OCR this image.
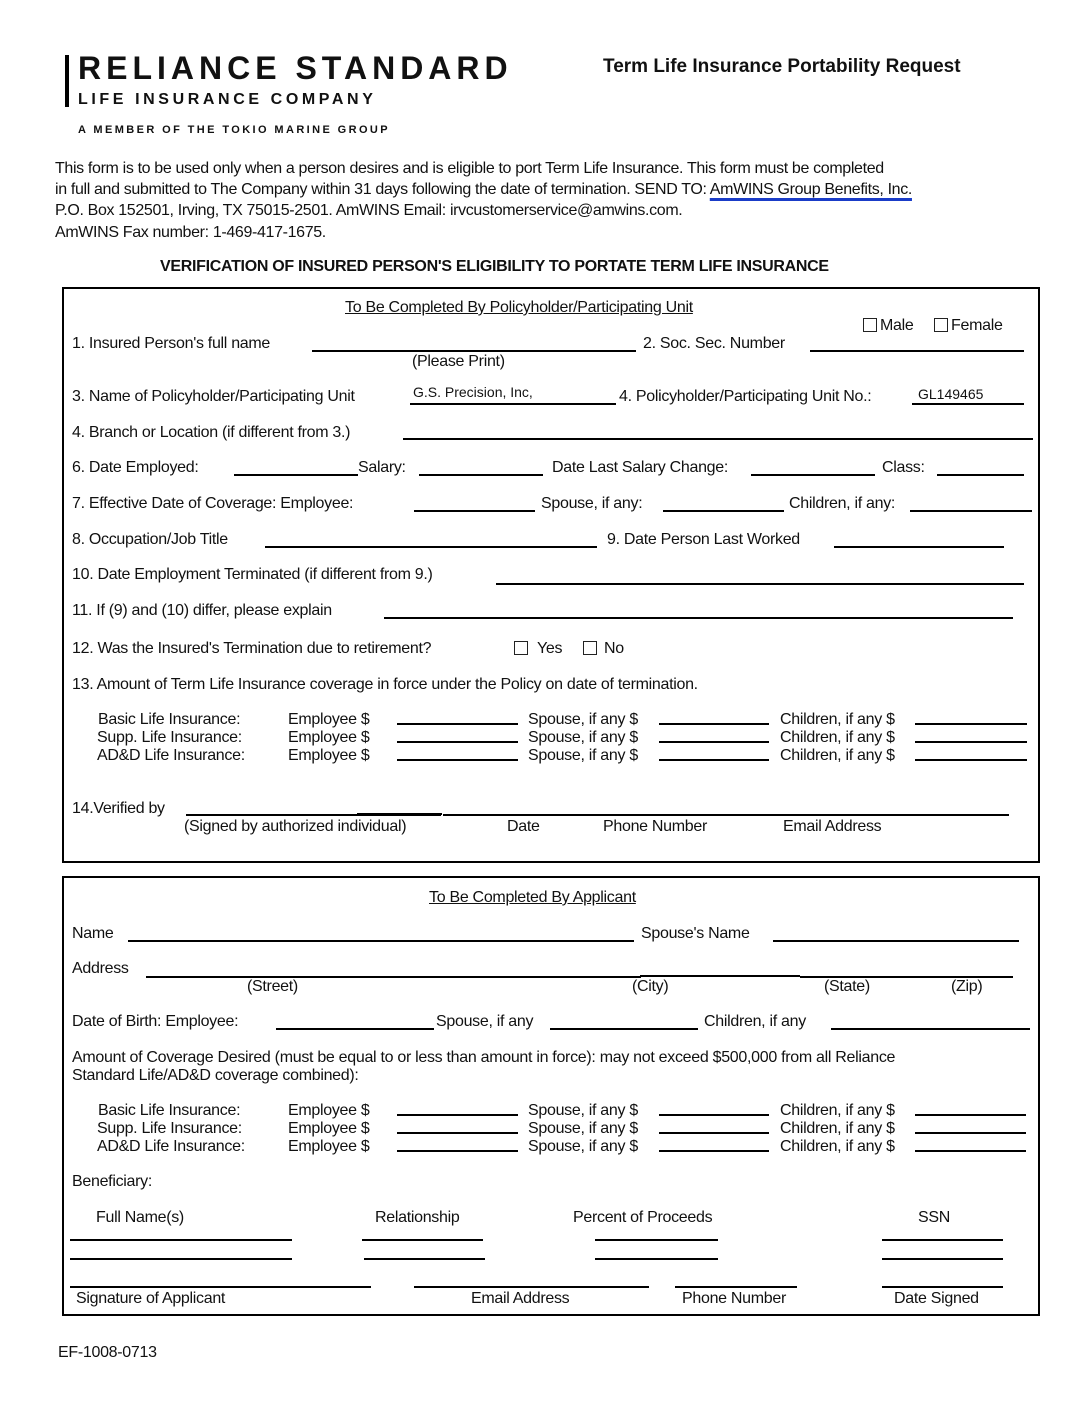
RELIANCE STANDARD
LIFE INSURANCE COMPANY
A MEMBER OF THE TOKIO MARINE GROUP
Term Life Insurance Portability Request
This form is to be used only when a person desires and is eligible to port Term Life Insurance. This form must be completed
in full and submitted to The Company within 31 days following the date of termination. SEND TO: AmWINS Group Benefits, Inc.
P.O. Box 152501, Irving, TX 75015-2501. AmWINS Email: irvcustomerservice@amwins.com.
AmWINS Fax number: 1-469-417-1675.
VERIFICATION OF INSURED PERSON'S ELIGIBILITY TO PORTATE TERM LIFE INSURANCE
To Be Completed By Policyholder/Participating Unit
Male Female
1. Insured Person's full name
(Please Print)
2. Soc. Sec. Number
3. Name of Policyholder/Participating Unit	G.S. Precision, Inc,	4. Policyholder/Participating Unit No.:	GL149465
4. Branch or Location (if different from 3.)
6. Date Employed:	Salary:	Date Last Salary Change:	Class:
7. Effective Date of Coverage: Employee:	Spouse, if any:	Children, if any:
8. Occupation/Job Title	9. Date Person Last Worked
10. Date Employment Terminated (if different from 9.)
11. If (9) and (10) differ, please explain
12. Was the Insured's Termination due to retirement?	Yes	No
13. Amount of Term Life Insurance coverage in force under the Policy on date of termination.
Basic Life Insurance:	Employee $	Spouse, if any $	Children, if any $
Supp. Life Insurance:	Employee $	Spouse, if any $	Children, if any $
AD&D Life Insurance:	Employee $	Spouse, if any $	Children, if any $
14.Verified by
(Signed by authorized individual)	Date	Phone Number	Email Address
To Be Completed By Applicant
Name	Spouse's Name
Address
(Street)	(City)	(State)	(Zip)
Date of Birth: Employee:	Spouse, if any	Children, if any
Amount of Coverage Desired (must be equal to or less than amount in force): may not exceed $500,000 from all Reliance
Standard Life/AD&D coverage combined):
Basic Life Insurance:	Employee $	Spouse, if any $	Children, if any $
Supp. Life Insurance:	Employee $	Spouse, if any $	Children, if any $
AD&D Life Insurance:	Employee $	Spouse, if any $	Children, if any $
Beneficiary:
Full Name(s)	Relationship	Percent of Proceeds	SSN
Signature of Applicant	Email Address	Phone Number	Date Signed
EF-1008-0713
